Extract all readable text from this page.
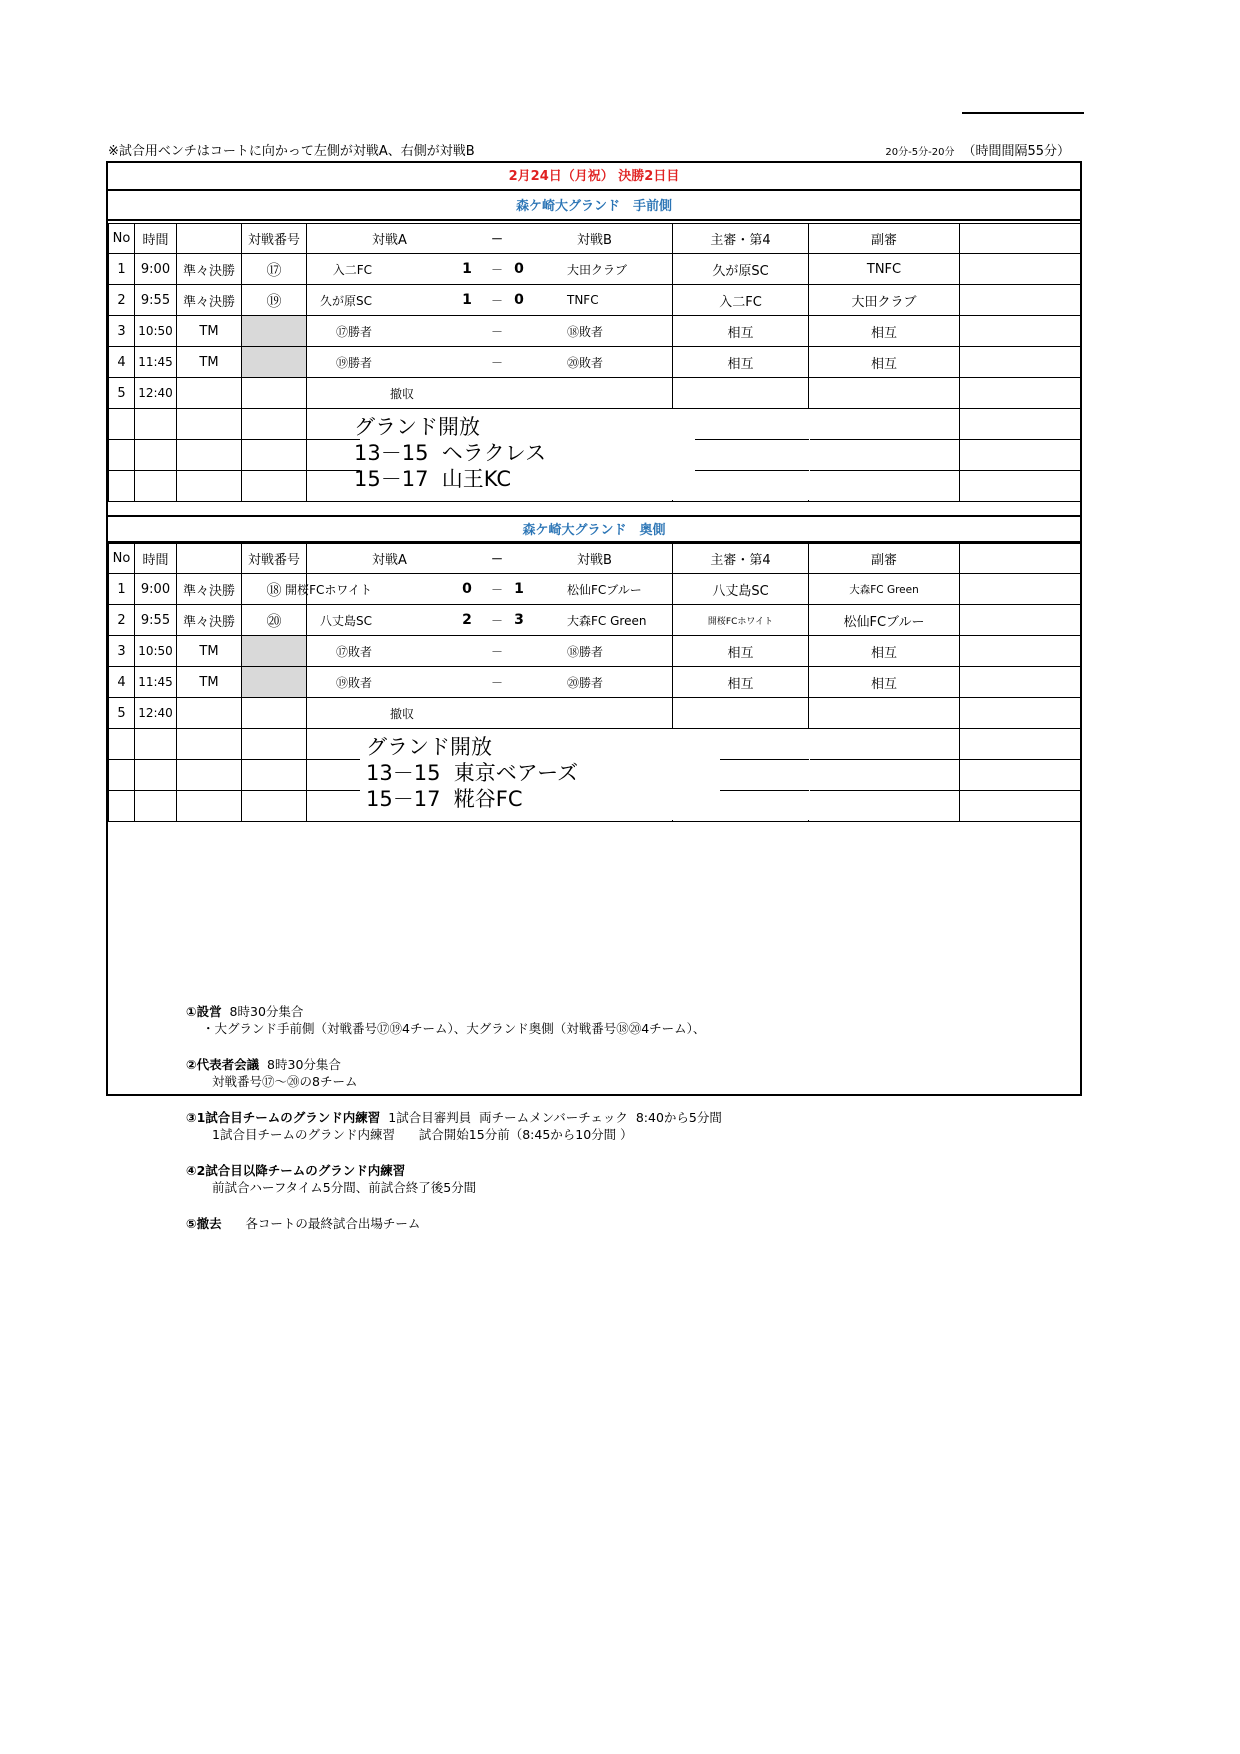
※試合用ベンチはコートに向かって左側が対戦A、右側が対戦B	20分-5分-20分 （時間間隔55分）
2月24日（月祝） 決勝2日目
森ケ崎大グランド　手前側
No	時間		対戦番号	対戦A － 対戦B	主審・第4	副審	
1	9:00	準々決勝	⑰	入二FC 1 － 0 大田クラブ	久が原SC	TNFC	
2	9:55	準々決勝	⑲	久が原SC 1 － 0 TNFC	入二FC	大田クラブ	
3	10:50	TM		⑰勝者 － ⑱敗者	相互	相互	
4	11:45	TM		⑲勝者 － ⑳敗者	相互	相互	
5	12:40			撤収			

森ケ崎大グランド　奥側
No	時間		対戦番号	対戦A － 対戦B	主審・第4	副審	
1	9:00	準々決勝	⑱	開桜FCホワイト 0 － 1 松仙FCブルー	八丈島SC	大森FC Green	
2	9:55	準々決勝	⑳	八丈島SC 2 － 3 大森FC Green	開桜FCホワイト	松仙FCブルー	
3	10:50	TM		⑰敗者 － ⑱勝者	相互	相互	
4	11:45	TM		⑲敗者 － ⑳勝者	相互	相互	
5	12:40			撤収			

①設営  8時30分集合
・大グランド手前側（対戦番号⑰⑲4チーム）、大グランド奥側（対戦番号⑱⑳4チーム）、
②代表者会議  8時30分集合
対戦番号⑰～⑳の8チーム
③1試合目チームのグランド内練習  1試合目審判員  両チームメンバーチェック  8:40から5分間
1試合目チームのグランド内練習      試合開始15分前（8:45から10分間 ）
④2試合目以降チームのグランド内練習
前試合ハーフタイム5分間、前試合終了後5分間
⑤撤去      各コートの最終試合出場チーム
グランド開放
13－15  ヘラクレス
15－17  山王KC
グランド開放
13－15  東京ベアーズ
15－17  糀谷FC
